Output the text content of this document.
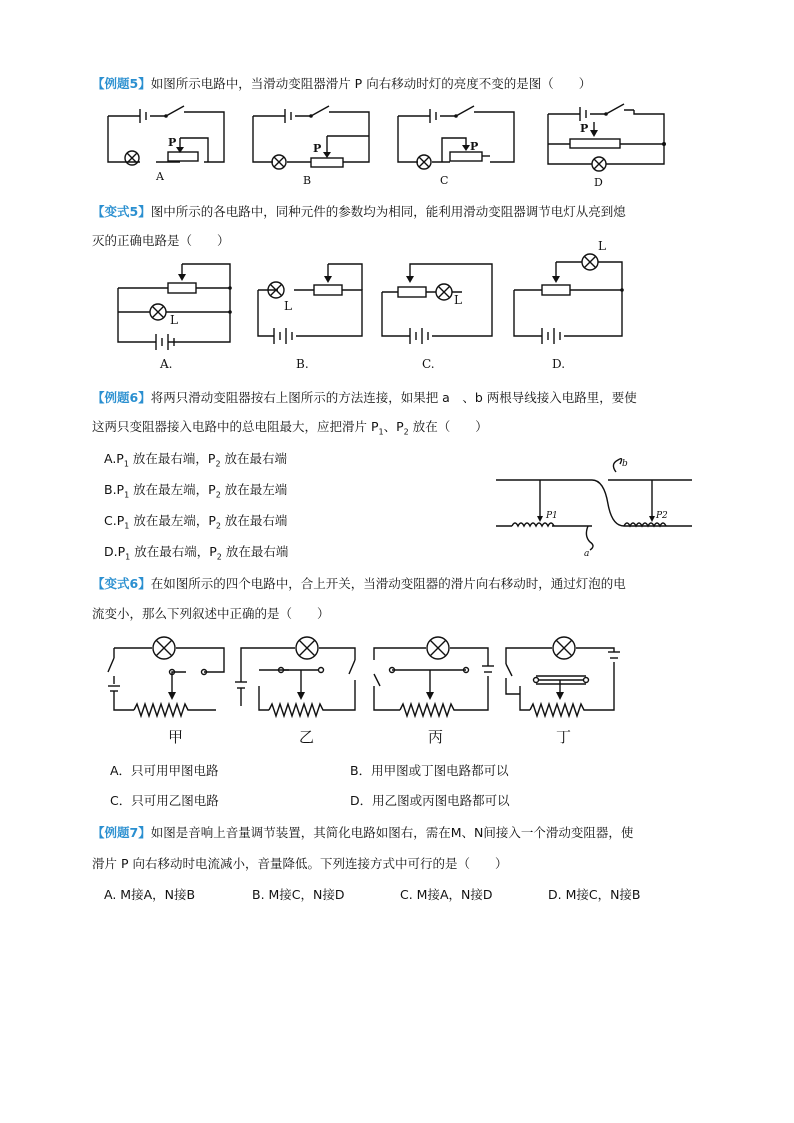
【例题5】如图所示电路中，当滑动变阻器滑片 P 向右移动时灯的亮度不变的是图（　　）
P
A
P
B
P
C
P
D
【变式5】图中所示的各电路中，同种元件的参数均为相同，能利用滑动变阻器调节电灯从亮到熄
灭的正确电路是（　　）
L
A.
L
B.
L
C.
L
D.
【例题6】将两只滑动变阻器按右上图所示的方法连接，如果把 a　、b 两根导线接入电路里，要使
这两只变阻器接入电路中的总电阻最大，应把滑片 $P_1$、$P_2$ 放在（　　）
$A.P_1$ 放在最右端，$P_2$ 放在最右端
$B.P_1$ 放在最左端，$P_2$ 放在最左端
$C.P_1$ 放在最左端，$P_2$ 放在最右端
$D.P_1$ 放在最右端，$P_2$ 放在最右端
P1	P2
a
b
【变式6】在如图所示的四个电路中，合上开关，当滑动变阻器的滑片向右移动时，通过灯泡的电
流变小，那么下列叙述中正确的是（　　）
甲	乙	丙	丁
A．只可用甲图电路	B．用甲图或丁图电路都可以
C．只可用乙图电路	D．用乙图或丙图电路都可以
【例题7】如图是音响上音量调节装置，其简化电路如图右，需在M、N间接入一个滑动变阻器，使
滑片 P 向右移动时电流减小，音量降低。下列连接方式中可行的是（　　）
A. M接A，N接B	B. M接C，N接D	C. M接A，N接D	D. M接C，N接B
